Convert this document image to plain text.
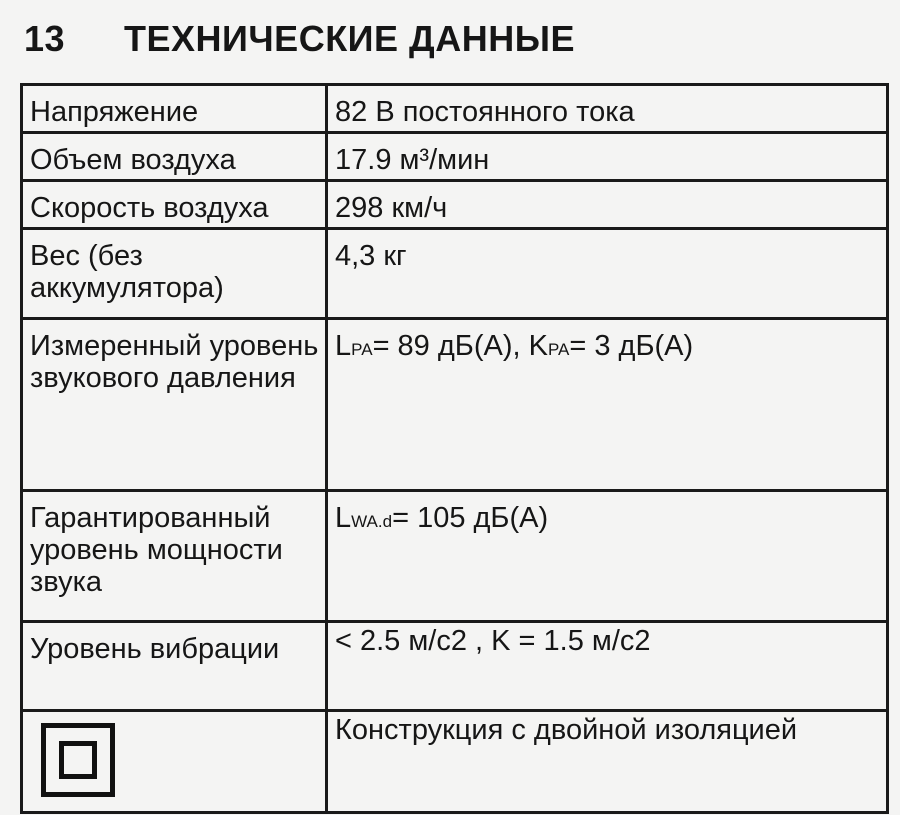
13	ТЕХНИЧЕСКИЕ ДАННЫЕ
Напряжение	82 В постоянного тока
Объем воздуха	17.9 м³/мин
Скорость воздуха	298 км/ч
Вес (без аккумулятора)	4,3 кг
Измеренный уровень звукового давления	LPA= 89 дБ(А), KPA= 3 дБ(А)
Гарантированный уровень мощности звука	LWA.d= 105 дБ(А)
Уровень вибрации	< 2.5 м/с2 , K = 1.5 м/с2

	Конструкция с двойной изоляцией
